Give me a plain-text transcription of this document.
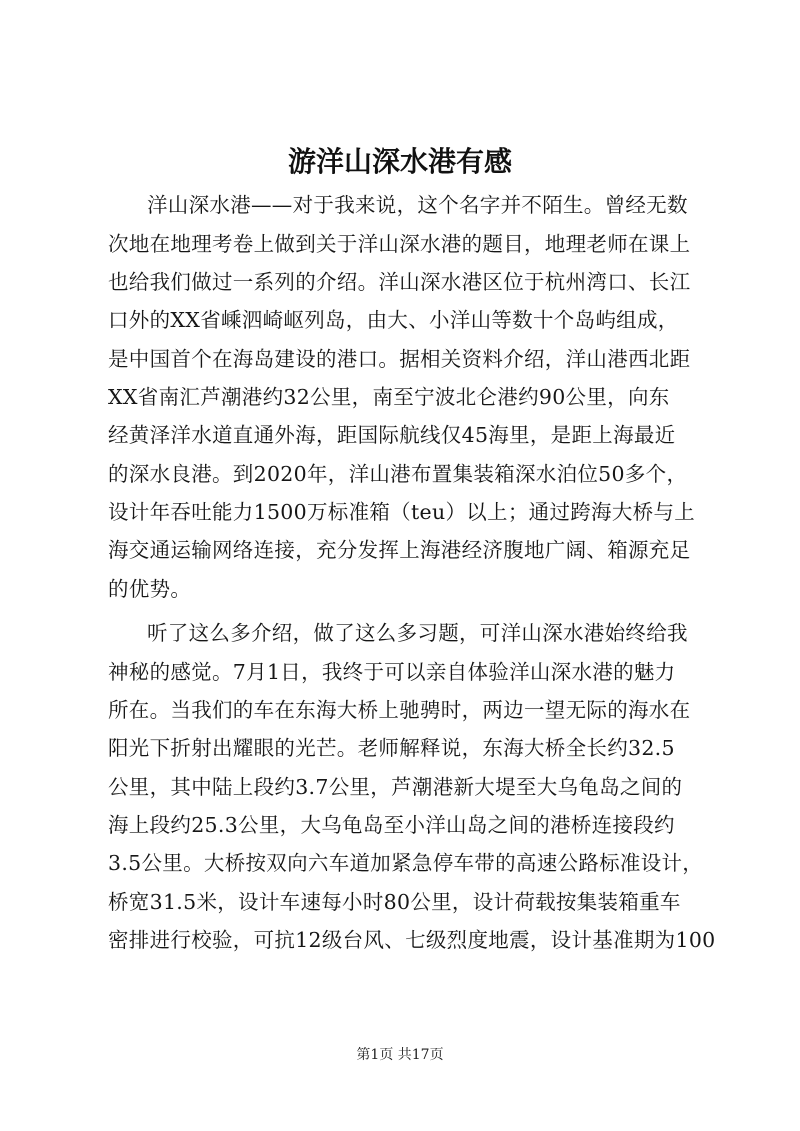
游洋山深水港有感
洋山深水港——对于我来说，这个名字并不陌生。曾经无数
次地在地理考卷上做到关于洋山深水港的题目，地理老师在课上
也给我们做过一系列的介绍。洋山深水港区位于杭州湾口、长江
口外的XX省嵊泗崎岖列岛，由大、小洋山等数十个岛屿组成，
是中国首个在海岛建设的港口。据相关资料介绍，洋山港西北距
XX省南汇芦潮港约32公里，南至宁波北仑港约90公里，向东
经黄泽洋水道直通外海，距国际航线仅45海里，是距上海最近
的深水良港。到2020年，洋山港布置集装箱深水泊位50多个，
设计年吞吐能力1500万标准箱（teu）以上；通过跨海大桥与上
海交通运输网络连接，充分发挥上海港经济腹地广阔、箱源充足
的优势。
听了这么多介绍，做了这么多习题，可洋山深水港始终给我
神秘的感觉。7月1日，我终于可以亲自体验洋山深水港的魅力
所在。当我们的车在东海大桥上驰骋时，两边一望无际的海水在
阳光下折射出耀眼的光芒。老师解释说，东海大桥全长约32.5
公里，其中陆上段约3.7公里，芦潮港新大堤至大乌龟岛之间的
海上段约25.3公里，大乌龟岛至小洋山岛之间的港桥连接段约
3.5公里。大桥按双向六车道加紧急停车带的高速公路标准设计，
桥宽31.5米，设计车速每小时80公里，设计荷载按集装箱重车
密排进行校验，可抗12级台风、七级烈度地震，设计基准期为100
第1页 共17页
